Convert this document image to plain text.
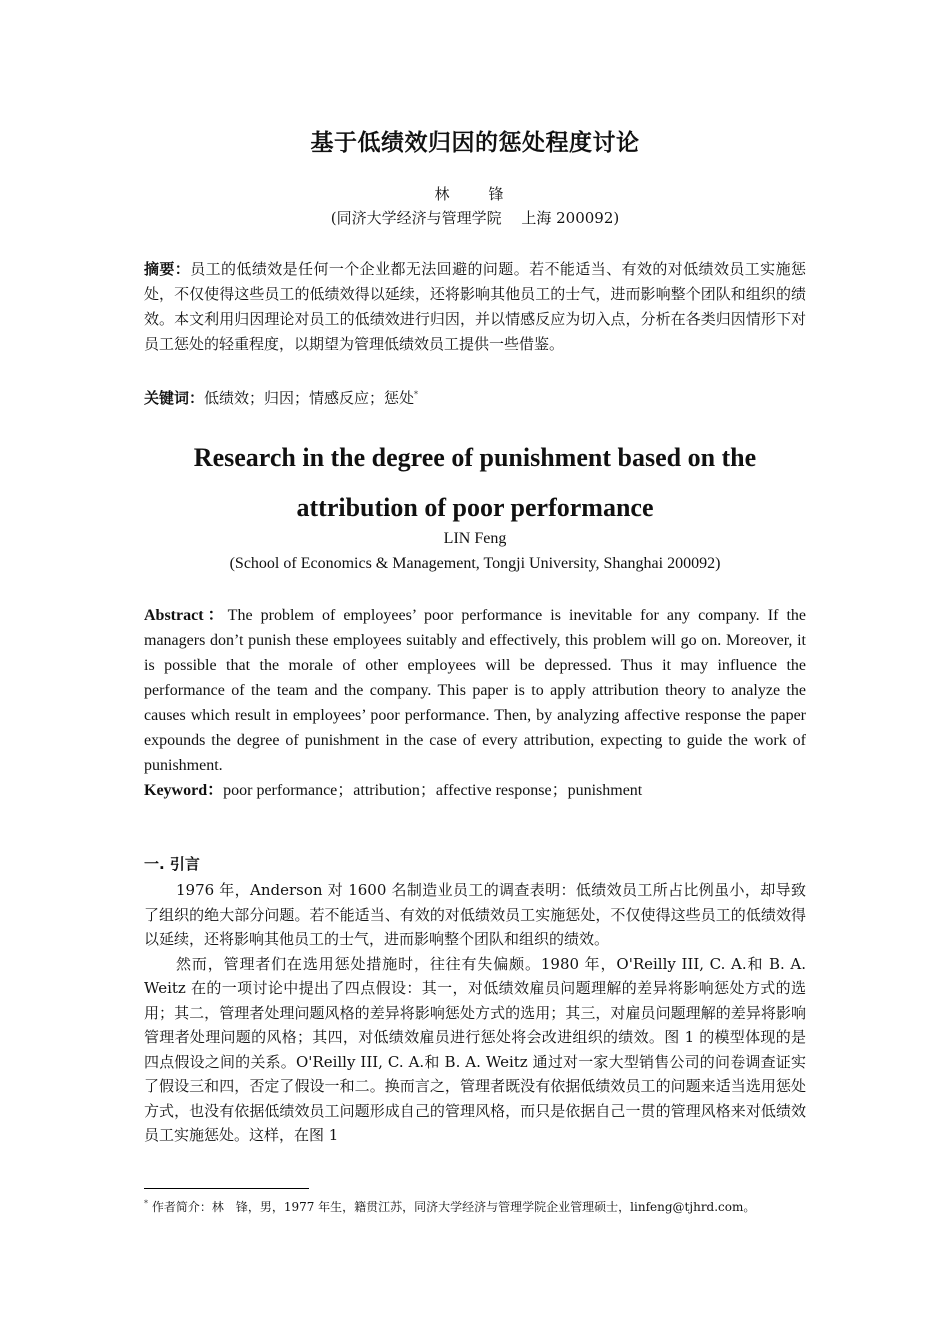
基于低绩效归因的惩处程度讨论
林　锋
(同济大学经济与管理学院　 上海 200092)
摘要：员工的低绩效是任何一个企业都无法回避的问题。若不能适当、有效的对低绩效员工实施惩处，不仅使得这些员工的低绩效得以延续，还将影响其他员工的士气，进而影响整个团队和组织的绩效。本文利用归因理论对员工的低绩效进行归因，并以情感反应为切入点，分析在各类归因情形下对员工惩处的轻重程度，以期望为管理低绩效员工提供一些借鉴。
关键词：低绩效；归因；情感反应；惩处*
Research in the degree of punishment based on the
attribution of poor performance
LIN Feng
(School of Economics & Management, Tongji University, Shanghai 200092)
Abstract：The problem of employees’ poor performance is inevitable for any company. If the managers don’t punish these employees suitably and effectively, this problem will go on. Moreover, it is possible that the morale of other employees will be depressed. Thus it may influence the performance of the team and the company. This paper is to apply attribution theory to analyze the causes which result in employees’ poor performance. Then, by analyzing affective response the paper expounds the degree of punishment in the case of every attribution, expecting to guide the work of punishment.
Keyword：poor performance；attribution；affective response；punishment
一. 引言

1976 年，Anderson 对 1600 名制造业员工的调查表明：低绩效员工所占比例虽小，却导致了组织的绝大部分问题。若不能适当、有效的对低绩效员工实施惩处，不仅使得这些员工的低绩效得以延续，还将影响其他员工的士气，进而影响整个团队和组织的绩效。

然而，管理者们在选用惩处措施时，往往有失偏颇。1980 年，O'Reilly III, C. A.和 B. A. Weitz 在的一项讨论中提出了四点假设：其一，对低绩效雇员问题理解的差异将影响惩处方式的选用；其二，管理者处理问题风格的差异将影响惩处方式的选用；其三，对雇员问题理解的差异将影响管理者处理问题的风格；其四，对低绩效雇员进行惩处将会改进组织的绩效。图 1 的模型体现的是四点假设之间的关系。O'Reilly III, C. A.和 B. A. Weitz 通过对一家大型销售公司的问卷调查证实了假设三和四，否定了假设一和二。换而言之，管理者既没有依据低绩效员工的问题来适当选用惩处方式，也没有依据低绩效员工问题形成自己的管理风格，而只是依据自己一贯的管理风格来对低绩效员工实施惩处。这样，在图 1

* 作者简介：林　锋，男，1977 年生，籍贯江苏，同济大学经济与管理学院企业管理硕士，linfeng@tjhrd.com。
